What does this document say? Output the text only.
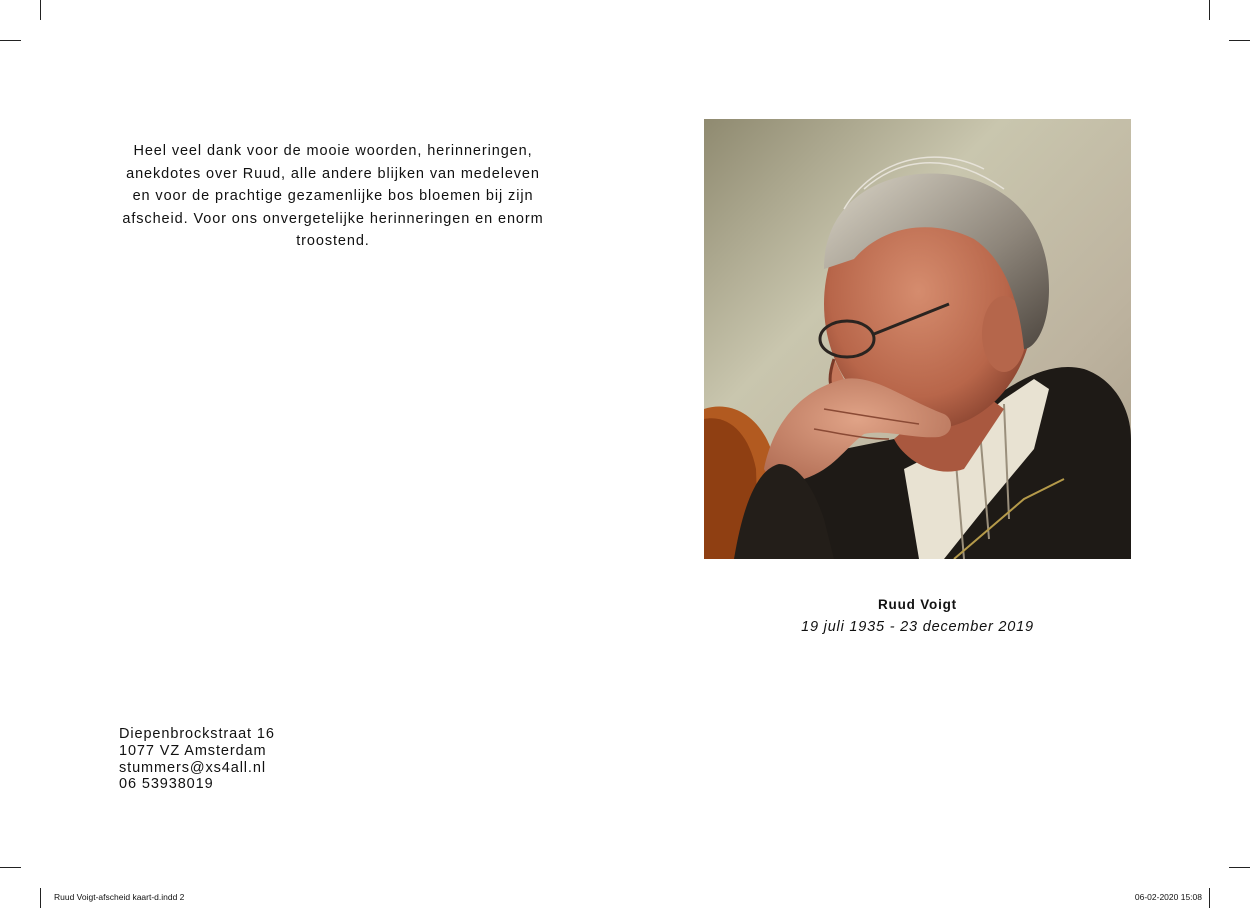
Heel veel dank voor de mooie woorden, herinneringen, anekdotes over Ruud, alle andere blijken van medeleven en voor de prachtige gezamenlijke bos bloemen bij zijn afscheid. Voor ons onvergetelijke herinneringen en enorm troostend.

Diepenbrockstraat 16
1077 VZ Amsterdam
stummers@xs4all.nl
06 53938019
Ruud Voigt
19 juli 1935 - 23 december 2019
Ruud Voigt-afscheid kaart-d.indd 2	06-02-2020 15:08
